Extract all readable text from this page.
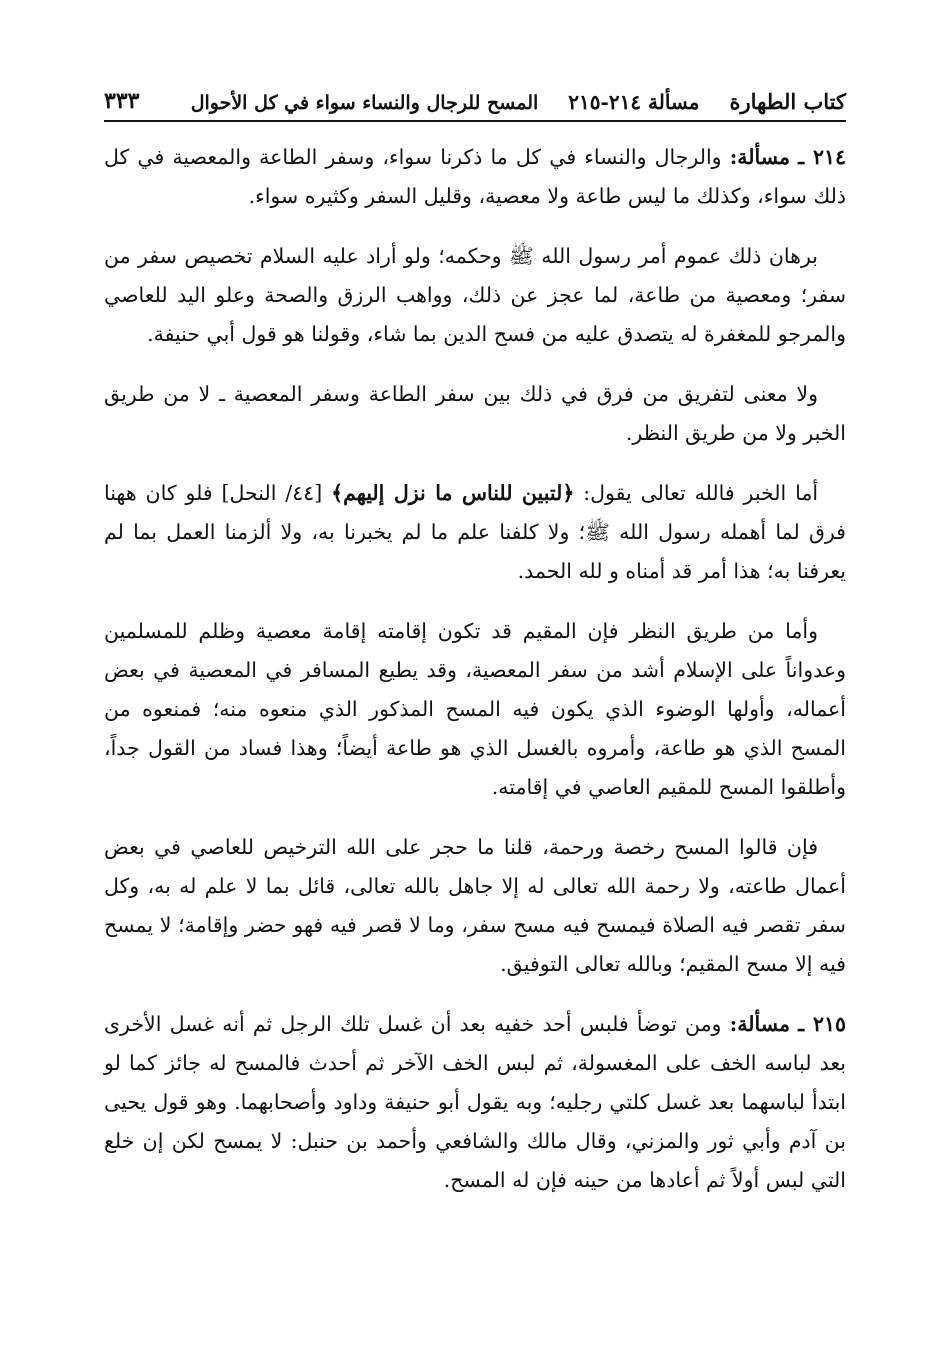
كتاب الطهارة
مسألة ٢١٤-٢١٥
المسح للرجال والنساء سواء في كل الأحوال
٣٣٣

٢١٤ ـ مسألة: والرجال والنساء في كل ما ذكرنا سواء، وسفر الطاعة والمعصية في كل ذلك سواء، وكذلك ما ليس طاعة ولا معصية، وقليل السفر وكثيره سواء.

برهان ذلك عموم أمر رسول الله ﷺ وحكمه؛ ولو أراد عليه السلام تخصيص سفر من سفر؛ ومعصية من طاعة، لما عجز عن ذلك، وواهب الرزق والصحة وعلو اليد للعاصي والمرجو للمغفرة له يتصدق عليه من فسح الدين بما شاء، وقولنا هو قول أبي حنيفة.

ولا معنى لتفريق من فرق في ذلك بين سفر الطاعة وسفر المعصية ـ لا من طريق الخبر ولا من طريق النظر.

أما الخبر فالله تعالى يقول: ﴿لتبين للناس ما نزل إليهم﴾ [٤٤/ النحل] فلو كان ههنا فرق لما أهمله رسول الله ﷺ؛ ولا كلفنا علم ما لم يخبرنا به، ولا ألزمنا العمل بما لم يعرفنا به؛ هذا أمر قد أمناه و لله الحمد.

وأما من طريق النظر فإن المقيم قد تكون إقامته إقامة معصية وظلم للمسلمين وعدواناً على الإسلام أشد من سفر المعصية، وقد يطيع المسافر في المعصية في بعض أعماله، وأولها الوضوء الذي يكون فيه المسح المذكور الذي منعوه منه؛ فمنعوه من المسح الذي هو طاعة، وأمروه بالغسل الذي هو طاعة أيضاً؛ وهذا فساد من القول جداً، وأطلقوا المسح للمقيم العاصي في إقامته.

فإن قالوا المسح رخصة ورحمة، قلنا ما حجر على الله الترخيص للعاصي في بعض أعمال طاعته، ولا رحمة الله تعالى له إلا جاهل بالله تعالى، قائل بما لا علم له به، وكل سفر تقصر فيه الصلاة فيمسح فيه مسح سفر، وما لا قصر فيه فهو حضر وإقامة؛ لا يمسح فيه إلا مسح المقيم؛ وبالله تعالى التوفيق.

٢١٥ ـ مسألة: ومن توضأ فلبس أحد خفيه بعد أن غسل تلك الرجل ثم أنه غسل الأخرى بعد لباسه الخف على المغسولة، ثم لبس الخف الآخر ثم أحدث فالمسح له جائز كما لو ابتدأ لباسهما بعد غسل كلتي رجليه؛ وبه يقول أبو حنيفة وداود وأصحابهما. وهو قول يحيى بن آدم وأبي ثور والمزني، وقال مالك والشافعي وأحمد بن حنبل: لا يمسح لكن إن خلع التي لبس أولاً ثم أعادها من حينه فإن له المسح.
